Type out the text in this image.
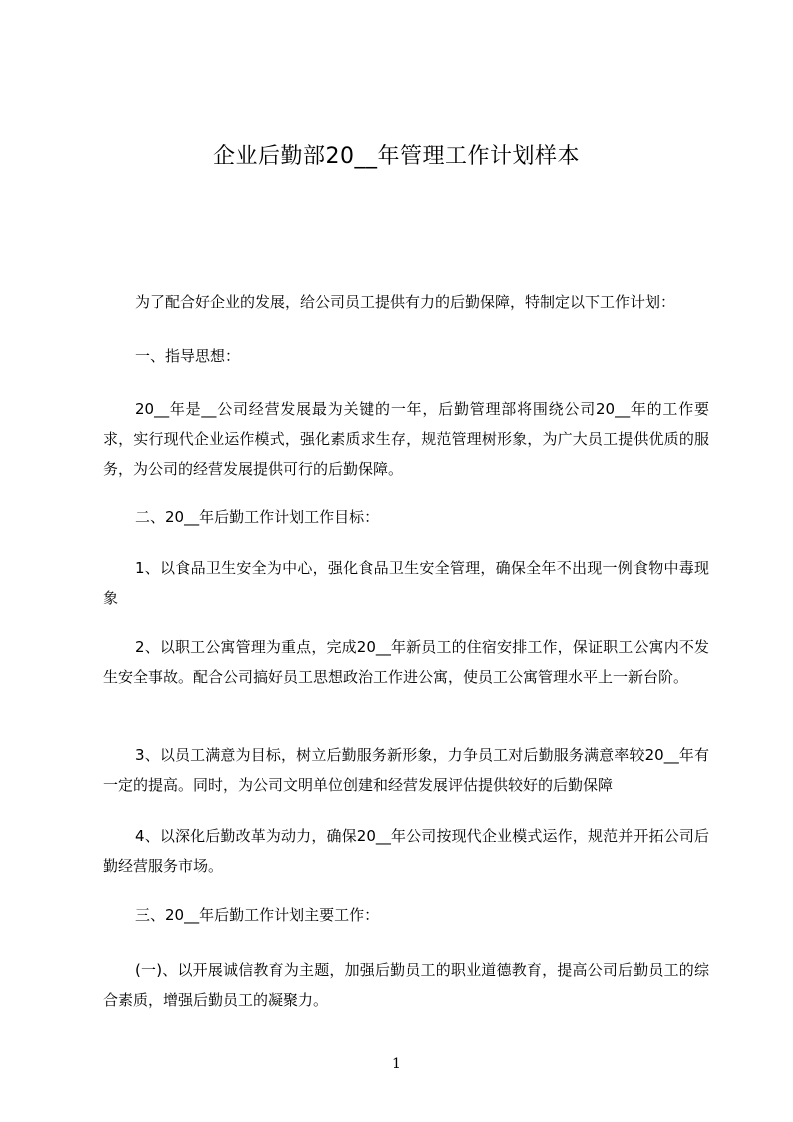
企业后勤部20__年管理工作计划样本

为了配合好企业的发展，给公司员工提供有力的后勤保障，特制定以下工作计划：

一、指导思想：

20__年是__公司经营发展最为关键的一年，后勤管理部将围绕公司20__年的工作要求，实行现代企业运作模式，强化素质求生存，规范管理树形象，为广大员工提供优质的服务，为公司的经营发展提供可行的后勤保障。

二、20__年后勤工作计划工作目标：

1、以食品卫生安全为中心，强化食品卫生安全管理，确保全年不出现一例食物中毒现象

2、以职工公寓管理为重点，完成20__年新员工的住宿安排工作，保证职工公寓内不发生安全事故。配合公司搞好员工思想政治工作进公寓，使员工公寓管理水平上一新台阶。

3、以员工满意为目标，树立后勤服务新形象，力争员工对后勤服务满意率较20__年有一定的提高。同时，为公司文明单位创建和经营发展评估提供较好的后勤保障

4、以深化后勤改革为动力，确保20__年公司按现代企业模式运作，规范并开拓公司后勤经营服务市场。

三、20__年后勤工作计划主要工作：

(一)、以开展诚信教育为主题，加强后勤员工的职业道德教育，提高公司后勤员工的综合素质，增强后勤员工的凝聚力。

1
